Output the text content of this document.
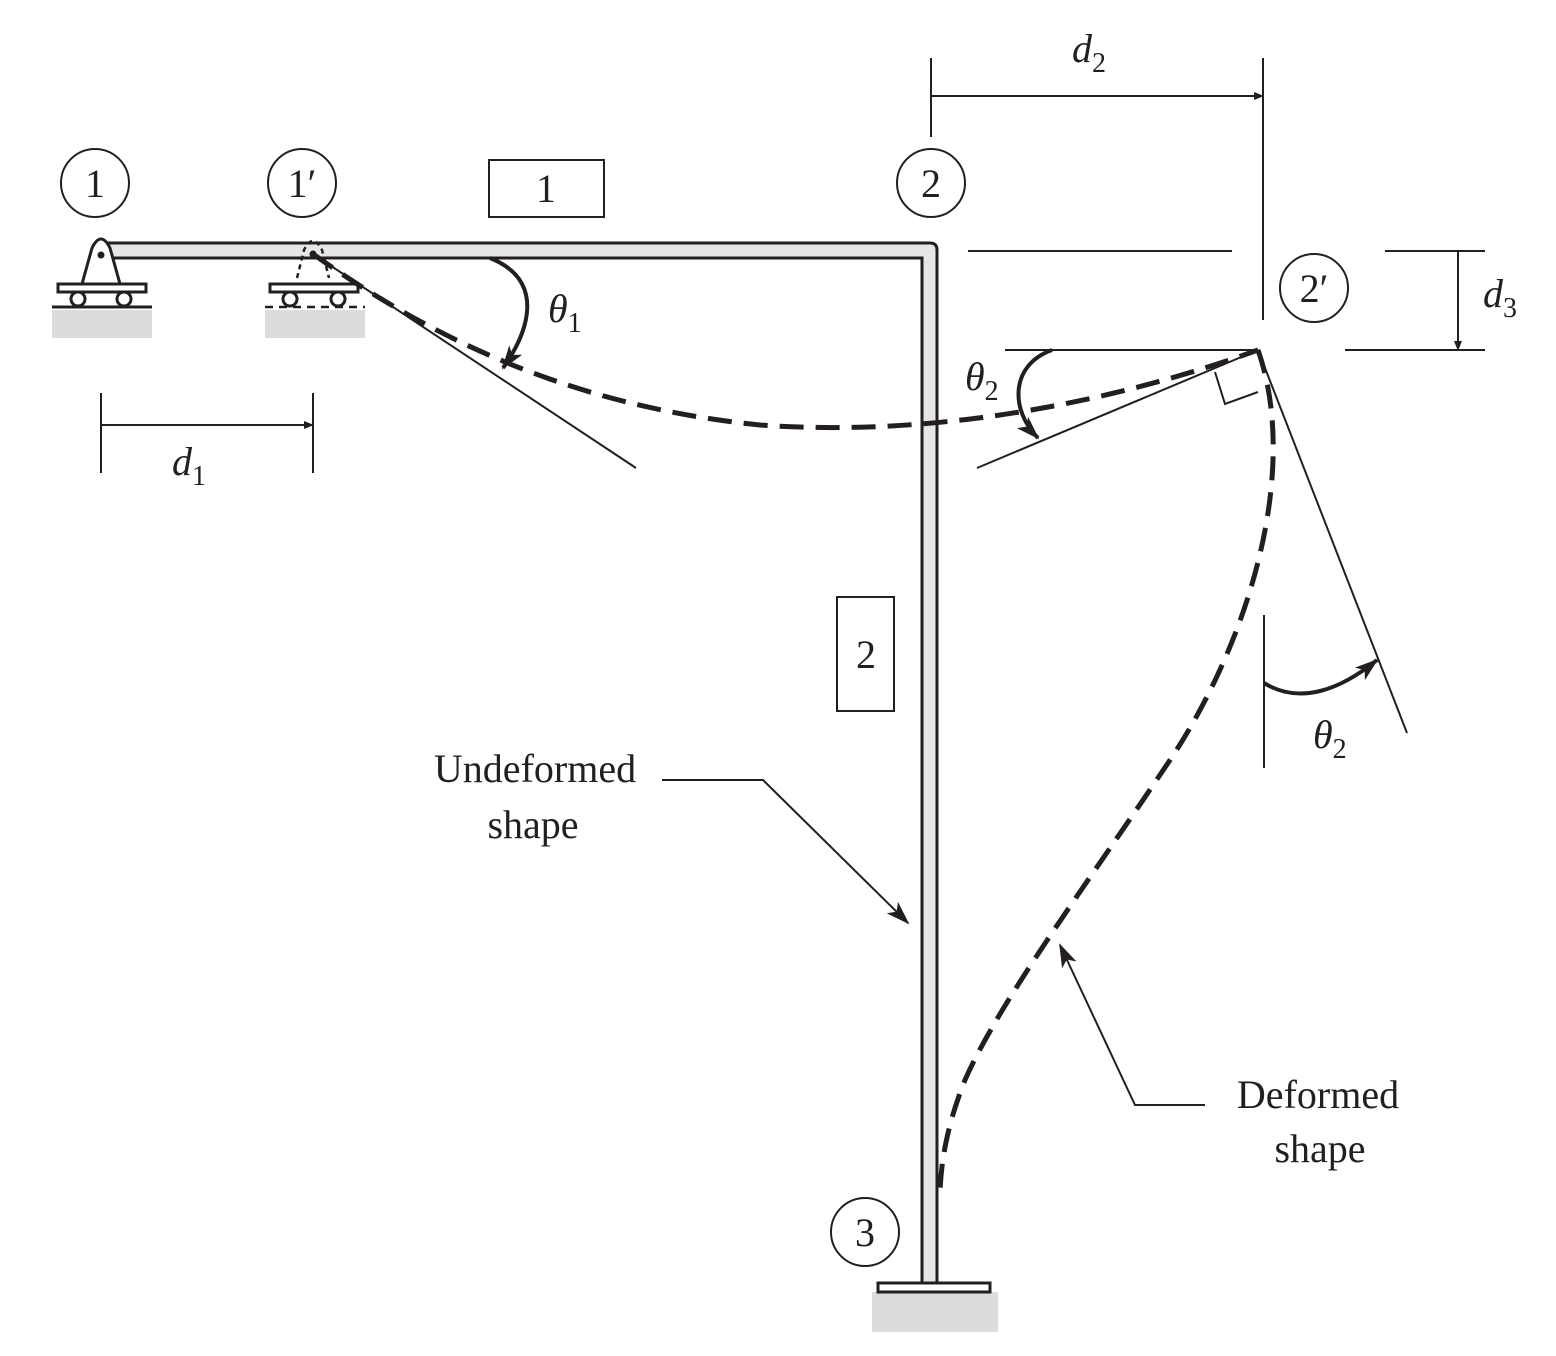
1	1′	2
2′
3
1
2
$d_1$
$d_2$
$d_3$
$\theta_1$
$\theta_2$
$\theta_2$
Undeformed
shape
Deformed
shape
